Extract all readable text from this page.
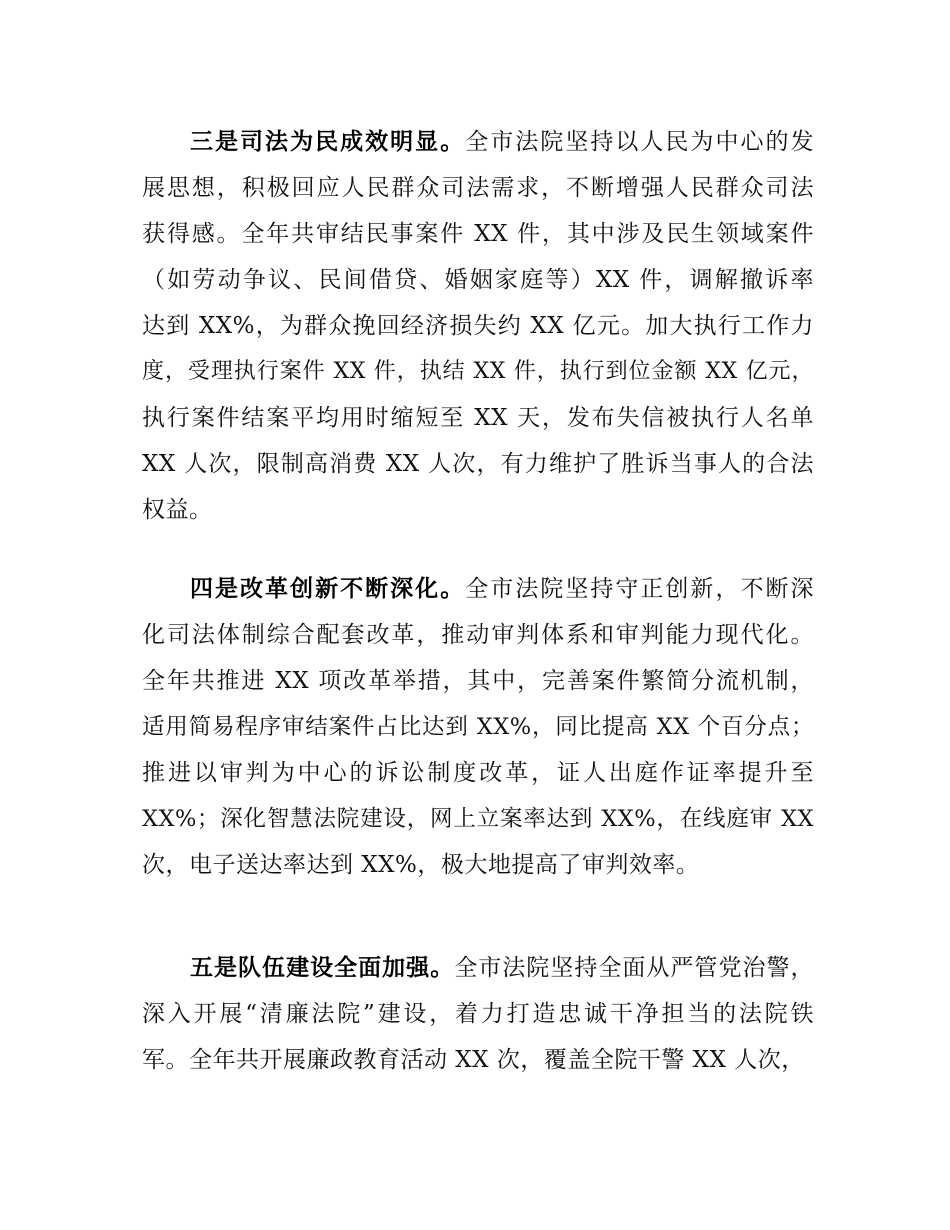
三是司法为民成效明显。全市法院坚持以人民为中心的发
展思想，积极回应人民群众司法需求，不断增强人民群众司法
获得感。全年共审结民事案件 XX 件，其中涉及民生领域案件
（如劳动争议、民间借贷、婚姻家庭等）XX 件，调解撤诉率
达到 XX%，为群众挽回经济损失约 XX 亿元。加大执行工作力
度，受理执行案件 XX 件，执结 XX 件，执行到位金额 XX 亿元，
执行案件结案平均用时缩短至 XX 天，发布失信被执行人名单
XX 人次，限制高消费 XX 人次，有力维护了胜诉当事人的合法
权益。
四是改革创新不断深化。全市法院坚持守正创新，不断深
化司法体制综合配套改革，推动审判体系和审判能力现代化。
全年共推进 XX 项改革举措，其中，完善案件繁简分流机制，
适用简易程序审结案件占比达到 XX%，同比提高 XX 个百分点；
推进以审判为中心的诉讼制度改革，证人出庭作证率提升至
XX%；深化智慧法院建设，网上立案率达到 XX%，在线庭审 XX
次，电子送达率达到 XX%，极大地提高了审判效率。
五是队伍建设全面加强。全市法院坚持全面从严管党治警，
深入开展“清廉法院”建设，着力打造忠诚干净担当的法院铁
军。全年共开展廉政教育活动 XX 次，覆盖全院干警 XX 人次，
